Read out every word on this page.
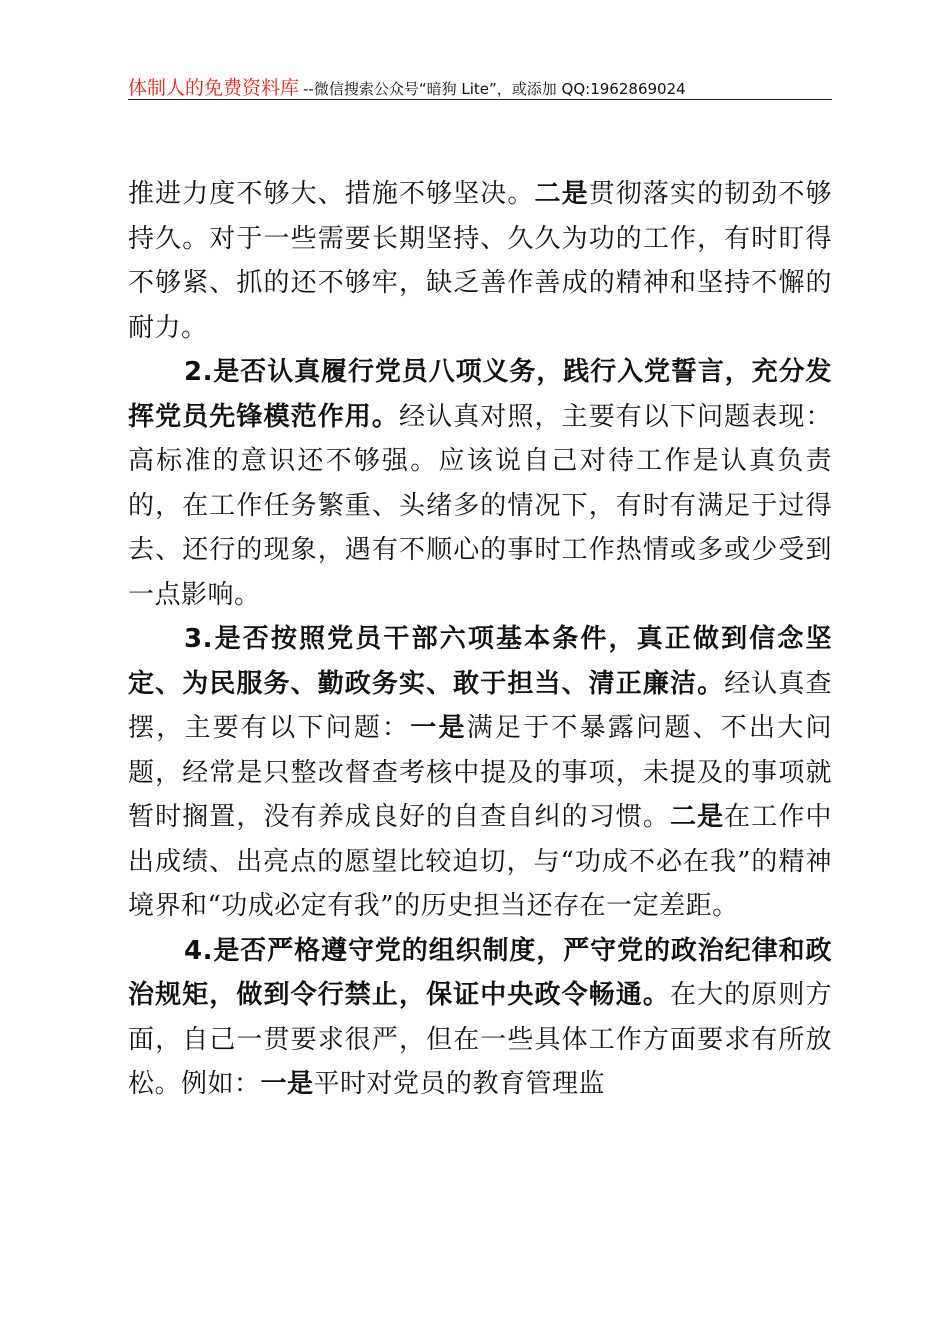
体制人的免费资料库 --微信搜索公众号“暗狗 Lite”，或添加 QQ:1962869024

推进力度不够大、措施不够坚决。二是贯彻落实的韧劲不够持久。对于一些需要长期坚持、久久为功的工作，有时盯得不够紧、抓的还不够牢，缺乏善作善成的精神和坚持不懈的耐力。

2.是否认真履行党员八项义务，践行入党誓言，充分发挥党员先锋模范作用。经认真对照，主要有以下问题表现：高标准的意识还不够强。应该说自己对待工作是认真负责的，在工作任务繁重、头绪多的情况下，有时有满足于过得去、还行的现象，遇有不顺心的事时工作热情或多或少受到一点影响。

3.是否按照党员干部六项基本条件，真正做到信念坚定、为民服务、勤政务实、敢于担当、清正廉洁。经认真查摆，主要有以下问题：一是满足于不暴露问题、不出大问题，经常是只整改督查考核中提及的事项，未提及的事项就暂时搁置，没有养成良好的自查自纠的习惯。二是在工作中出成绩、出亮点的愿望比较迫切，与“功成不必在我”的精神境界和“功成必定有我”的历史担当还存在一定差距。

4.是否严格遵守党的组织制度，严守党的政治纪律和政治规矩，做到令行禁止，保证中央政令畅通。在大的原则方面，自己一贯要求很严，但在一些具体工作方面要求有所放松。例如：一是平时对党员的教育管理监
